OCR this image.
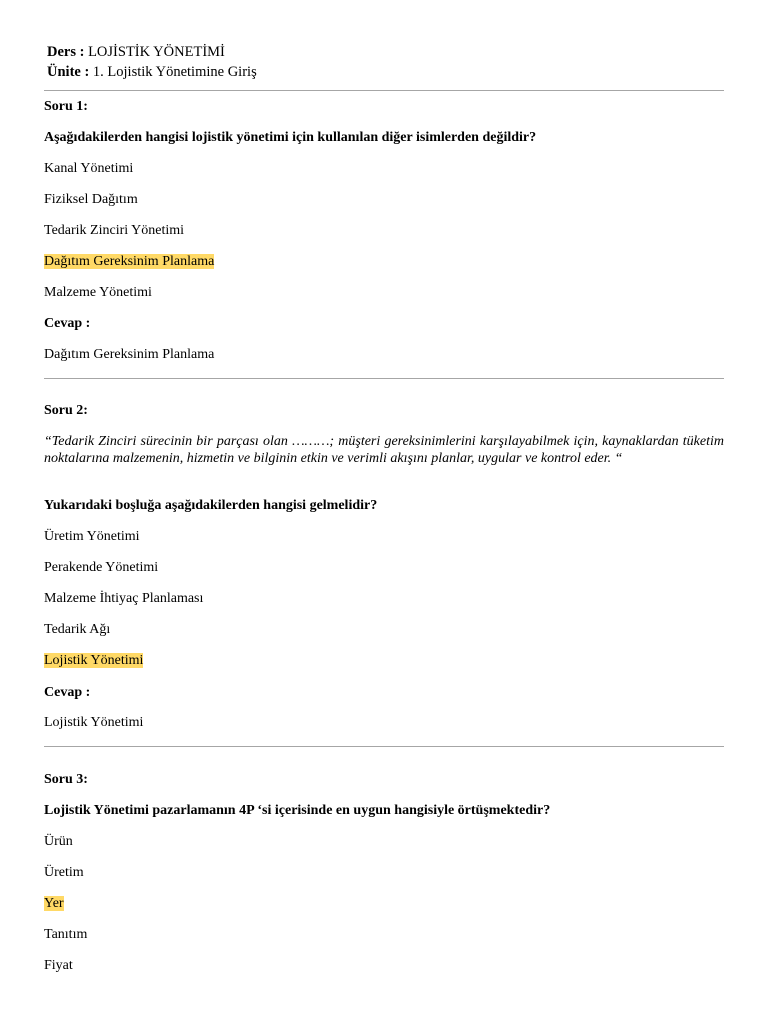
Ders : LOJİSTİK YÖNETİMİ
Ünite : 1. Lojistik Yönetimine Giriş
Soru 1:
Aşağıdakilerden hangisi lojistik yönetimi için kullanılan diğer isimlerden değildir?
Kanal Yönetimi
Fiziksel Dağıtım
Tedarik Zinciri Yönetimi
Dağıtım Gereksinim Planlama
Malzeme Yönetimi
Cevap :
Dağıtım Gereksinim Planlama
Soru 2:
“Tedarik Zinciri sürecinin bir parçası olan ………; müşteri gereksinimlerini karşılayabilmek için, kaynaklardan tüketim noktalarına malzemenin, hizmetin ve bilginin etkin ve verimli akışını planlar, uygular ve kontrol eder. “
Yukarıdaki boşluğa aşağıdakilerden hangisi gelmelidir?
Üretim Yönetimi
Perakende Yönetimi
Malzeme İhtiyaç Planlaması
Tedarik Ağı
Lojistik Yönetimi
Cevap :
Lojistik Yönetimi
Soru 3:
Lojistik Yönetimi pazarlamanın 4P ‘si içerisinde en uygun hangisiyle örtüşmektedir?
Ürün
Üretim
Yer
Tanıtım
Fiyat
